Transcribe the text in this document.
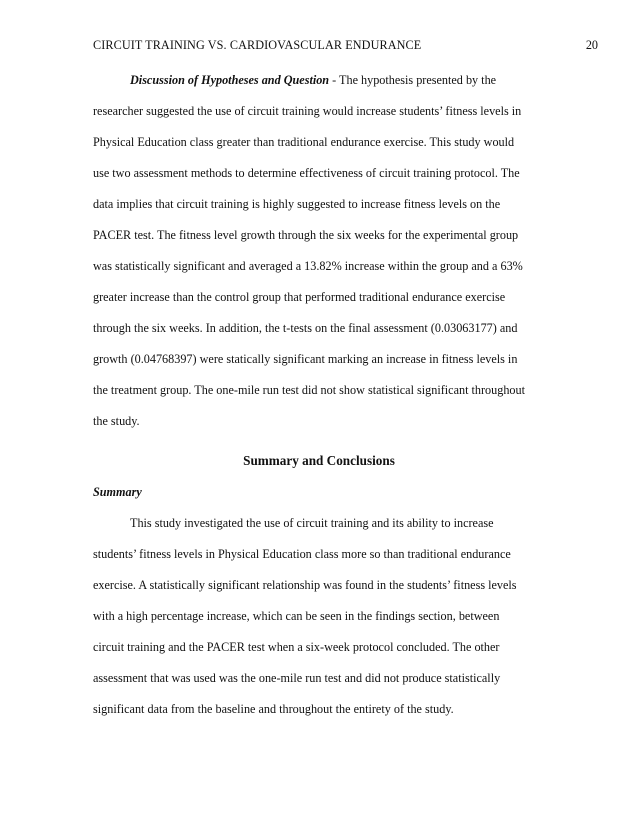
CIRCUIT TRAINING VS. CARDIOVASCULAR ENDURANCE	20
Discussion of Hypotheses and Question - The hypothesis presented by the
researcher suggested the use of circuit training would increase students’ fitness levels in
Physical Education class greater than traditional endurance exercise. This study would
use two assessment methods to determine effectiveness of circuit training protocol. The
data implies that circuit training is highly suggested to increase fitness levels on the
PACER test. The fitness level growth through the six weeks for the experimental group
was statistically significant and averaged a 13.82% increase within the group and a 63%
greater increase than the control group that performed traditional endurance exercise
through the six weeks. In addition, the t-tests on the final assessment (0.03063177) and
growth (0.04768397) were statically significant marking an increase in fitness levels in
the treatment group. The one-mile run test did not show statistical significant throughout
the study.
Summary and Conclusions
Summary
This study investigated the use of circuit training and its ability to increase
students’ fitness levels in Physical Education class more so than traditional endurance
exercise. A statistically significant relationship was found in the students’ fitness levels
with a high percentage increase, which can be seen in the findings section, between
circuit training and the PACER test when a six-week protocol concluded. The other
assessment that was used was the one-mile run test and did not produce statistically
significant data from the baseline and throughout the entirety of the study.
